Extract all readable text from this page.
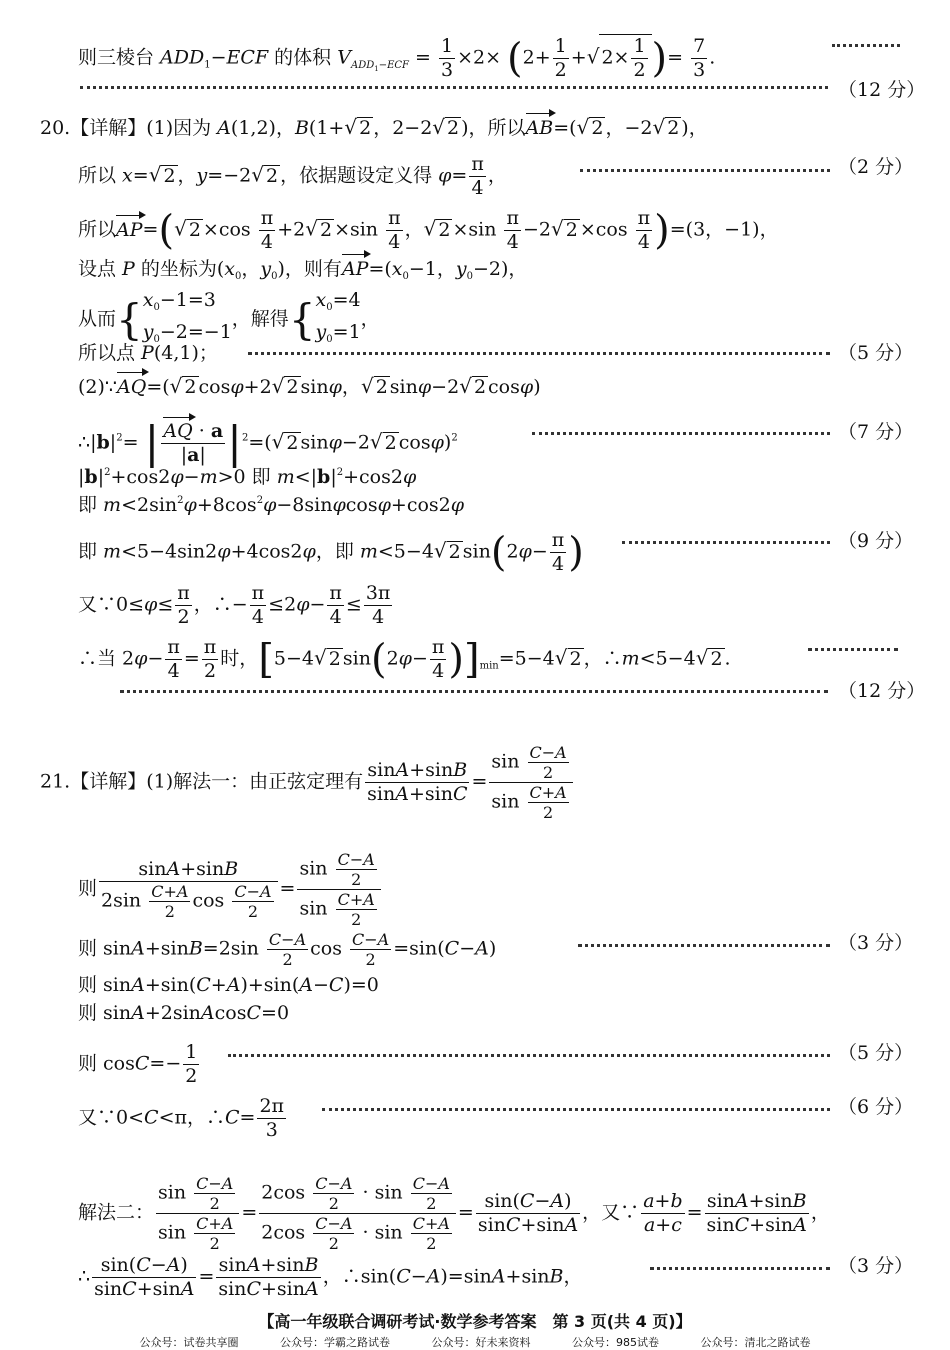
则三棱台 $ADD_1-ECF$ 的体积 $V_{ADD_1-ECF} = \frac{1}{3} \times 2\times (2+ \frac{1}{2}$ +√ $2\times \frac{1}{2}$ )= $\frac{7}{3}$ .
（12 分）
20.【详解】(1)因为 A(1,2)，B(1+√ 2 ，2−2√ 2 )，所以AB=(√ 2 ，−2√ 2 )，
所以 x=√ 2 ，y=−2√ 2 ，依据题设定义得 $\varphi= \frac{\pi}{4}$ ，	（2 分）
所以AP=(√ $2 \times\cos \frac{\pi}{4} +2√$ $2 \times\sin \frac{\pi}{4}$ ，√ $2 \times\sin \frac{\pi}{4} -2√$ $2 \times\cos \frac{\pi}{4} )=(3$，−1)，
设点 P 的坐标为($x_0$，$y_0$)，则有$AP=(x_0-1$，$y_0-2$)，
从而{$x_0-1=3$
$y_0-2=-1$，解得{$x_0=4$
$y_0=1$，
所以点 P(4,1)；	（5 分）
(2)∵AQ=(√ 2 cosφ+2√ 2 sinφ，√ 2 sinφ−2√ 2 cosφ)
$\therefore|b|^2=$ | $\frac{AQ \cdot a}{|a|} |^2=(√$ 2 sinφ−2√ 2 cosφ)$^2$	（7 分）
$|b|^2+\cos 2\varphi-m>0$ 即 $m<|b|^2+\cos 2\varphi$
即 $m<2\sin^2\varphi+8\cos^2\varphi-8\sin\varphi\cos\varphi+\cos 2\varphi$
即 m<5−4sin2φ+4cos2φ，即 m<5−4√ 2 $\sin(2\varphi- \frac{\pi}{4}$ )	（9 分）
又∵0≤φ≤ $\frac{\pi}{2}$ ，∴− $\frac{\pi}{4} \le 2\varphi- \frac{\pi}{4} \le \frac{3\pi}{4}$
∴当 $2\varphi- \frac{\pi}{4} = \frac{\pi}{2}$ 时，[5−4√ 2 $\sin(2\varphi- \frac{\pi}{4} )]_{min}=5-4√$ 2 ，∴m<5−4√ 2 .
（12 分）
21.【详解】(1)解法一：由正弦定理有 $\frac{\sin A+\sin B}{\sin A+\sin C} = \frac{\sin \frac{C-A}{2}}{\sin \frac{C+A}{2}}$
则 $\frac{\sin A+\sin B}{2\sin \frac{C+A}{2} \cos \frac{C-A}{2}} = \frac{\sin \frac{C-A}{2}}{\sin \frac{C+A}{2}}$
则 $\sin A+\sin B=2\sin \frac{C-A}{2}$ $\cos \frac{C-A}{2} =\sin(C-A)$	（3 分）
则 sinA+sin(C+A)+sin(A−C)=0
则 sinA+2sinAcosC=0
则 $\cos C=- \frac{1}{2}$	（5 分）
又∵0<C<π，∴C= $\frac{2\pi}{3}$	（6 分）
解法二： $\frac{\sin \frac{C-A}{2}}{\sin \frac{C+A}{2}} = \frac{2\cos \frac{C-A}{2} \cdot \sin \frac{C-A}{2}}{2\cos \frac{C-A}{2} \cdot \sin \frac{C+A}{2}} = \frac{\sin(C-A)}{\sin C+\sin A}$ ，又∵ $\frac{a+b}{a+c} = \frac{\sin A+\sin B}{\sin C+\sin A}$ ，
∴ $\frac{\sin(C-A)}{\sin C+\sin A} = \frac{\sin A+\sin B}{\sin C+\sin A}$ ，∴sin(C−A)=sinA+sinB，	（3 分）
【高一年级联合调研考试·数学参考答案　第 3 页(共 4 页)】
公众号：试卷共享圈	公众号：学霸之路试卷	公众号：好未来资料	公众号：985试卷	公众号：清北之路试卷
